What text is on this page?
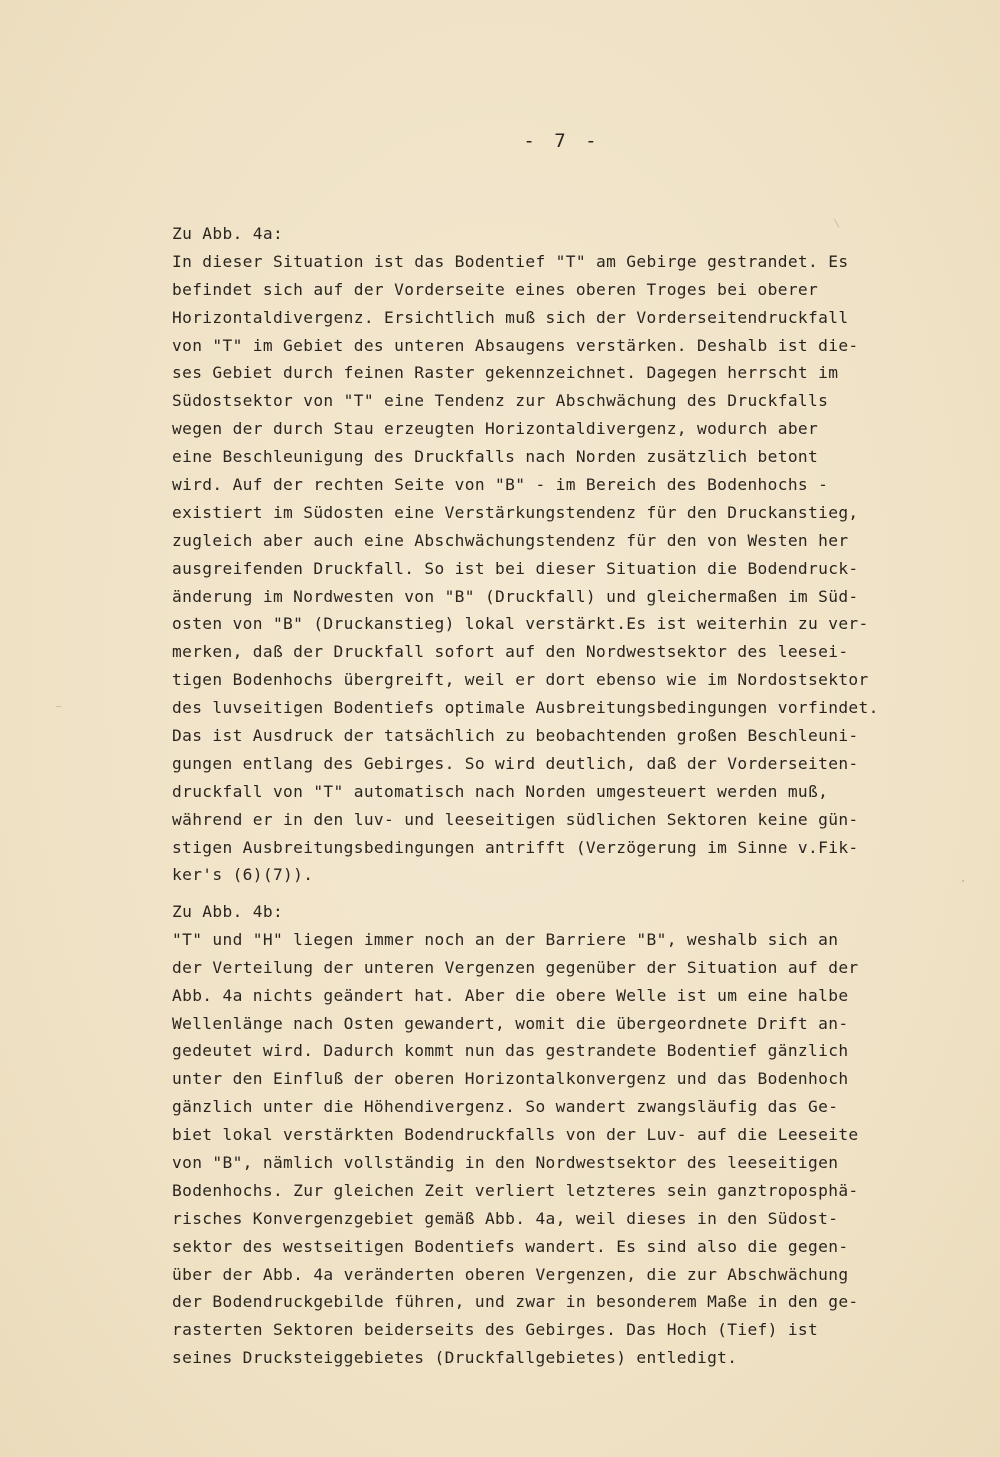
- 7 -
Zu Abb. 4a:
In dieser Situation ist das Bodentief "T" am Gebirge gestrandet. Es
befindet sich auf der Vorderseite eines oberen Troges bei oberer
Horizontaldivergenz. Ersichtlich muß sich der Vorderseitendruckfall
von "T" im Gebiet des unteren Absaugens verstärken. Deshalb ist die-
ses Gebiet durch feinen Raster gekennzeichnet. Dagegen herrscht im
Südostsektor von "T" eine Tendenz zur Abschwächung des Druckfalls
wegen der durch Stau erzeugten Horizontaldivergenz, wodurch aber
eine Beschleunigung des Druckfalls nach Norden zusätzlich betont
wird. Auf der rechten Seite von "B" - im Bereich des Bodenhochs -
existiert im Südosten eine Verstärkungstendenz für den Druckanstieg,
zugleich aber auch eine Abschwächungstendenz für den von Westen her
ausgreifenden Druckfall. So ist bei dieser Situation die Bodendruck-
änderung im Nordwesten von "B" (Druckfall) und gleichermaßen im Süd-
osten von "B" (Druckanstieg) lokal verstärkt.Es ist weiterhin zu ver-
merken, daß der Druckfall sofort auf den Nordwestsektor des leesei-
tigen Bodenhochs übergreift, weil er dort ebenso wie im Nordostsektor
des luvseitigen Bodentiefs optimale Ausbreitungsbedingungen vorfindet.
Das ist Ausdruck der tatsächlich zu beobachtenden großen Beschleuni-
gungen entlang des Gebirges. So wird deutlich, daß der Vorderseiten-
druckfall von "T" automatisch nach Norden umgesteuert werden muß,
während er in den luv- und leeseitigen südlichen Sektoren keine gün-
stigen Ausbreitungsbedingungen antrifft (Verzögerung im Sinne v.Fik-
ker's (6)(7)).
Zu Abb. 4b:
"T" und "H" liegen immer noch an der Barriere "B", weshalb sich an
der Verteilung der unteren Vergenzen gegenüber der Situation auf der
Abb. 4a nichts geändert hat. Aber die obere Welle ist um eine halbe
Wellenlänge nach Osten gewandert, womit die übergeordnete Drift an-
gedeutet wird. Dadurch kommt nun das gestrandete Bodentief gänzlich
unter den Einfluß der oberen Horizontalkonvergenz und das Bodenhoch
gänzlich unter die Höhendivergenz. So wandert zwangsläufig das Ge-
biet lokal verstärkten Bodendruckfalls von der Luv- auf die Leeseite
von "B", nämlich vollständig in den Nordwestsektor des leeseitigen
Bodenhochs. Zur gleichen Zeit verliert letzteres sein ganztroposphä-
risches Konvergenzgebiet gemäß Abb. 4a, weil dieses in den Südost-
sektor des westseitigen Bodentiefs wandert. Es sind also die gegen-
über der Abb. 4a veränderten oberen Vergenzen, die zur Abschwächung
der Bodendruckgebilde führen, und zwar in besonderem Maße in den ge-
rasterten Sektoren beiderseits des Gebirges. Das Hoch (Tief) ist
seines Drucksteiggebietes (Druckfallgebietes) entledigt.
